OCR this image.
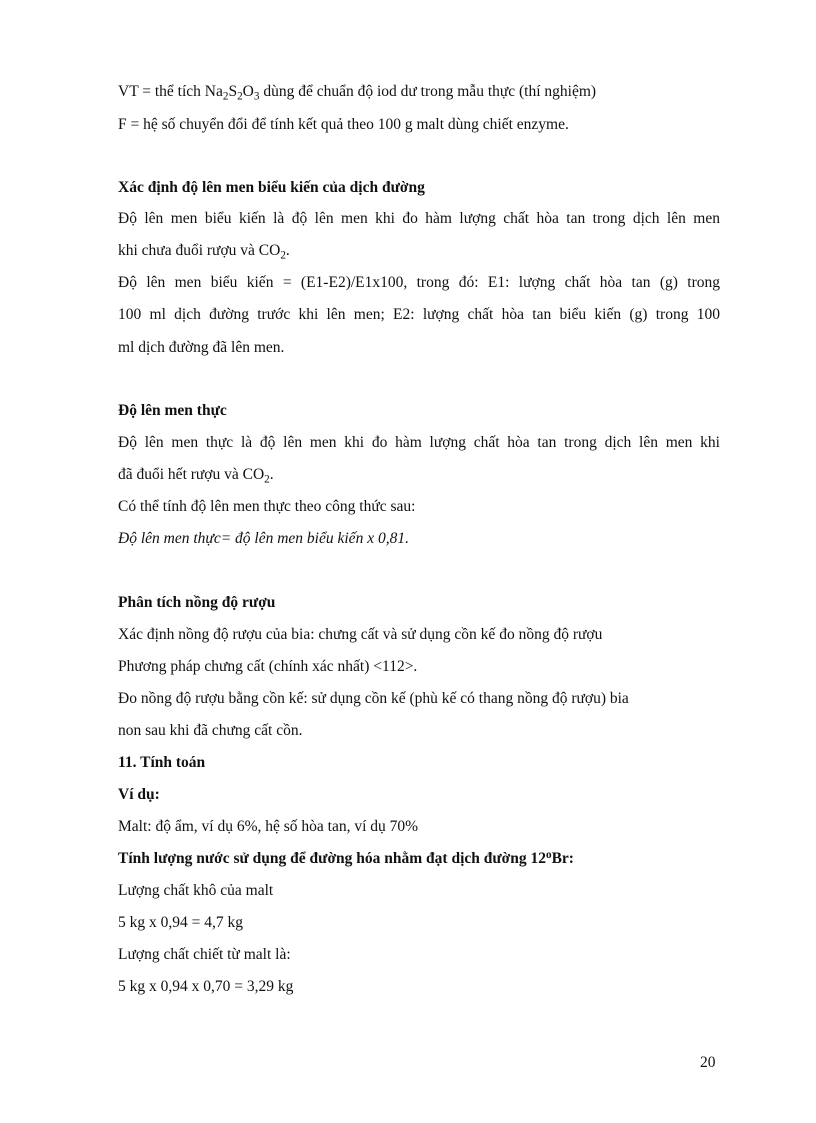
VT = thể tích $Na_2S_2O_3$ dùng để chuẩn độ iod dư trong mẫu thực (thí nghiệm)
F = hệ số chuyển đổi để tính kết quả theo 100 g malt dùng chiết enzyme.
Xác định độ lên men biểu kiến của dịch đường
Độ lên men biểu kiến là độ lên men khi đo hàm lượng chất hòa tan trong dịch lên men
khi chưa đuổi rượu và $CO_2$.
Độ lên men biểu kiến = (E1-E2)/E1x100, trong đó: E1: lượng chất hòa tan (g) trong
100 ml dịch đường trước khi lên men; E2: lượng chất hòa tan biểu kiến (g) trong 100
ml dịch đường đã lên men.
Độ lên men thực
Độ lên men thực là độ lên men khi đo hàm lượng chất hòa tan trong dịch lên men khi
đã đuổi hết rượu và $CO_2$.
Có thể tính độ lên men thực theo công thức sau:
Độ lên men thực= độ lên men biểu kiến x 0,81.
Phân tích nồng độ rượu
Xác định nồng độ rượu của bia: chưng cất và sử dụng cồn kế đo nồng độ rượu
Phương pháp chưng cất (chính xác nhất) <112>.
Đo nồng độ rượu bằng cồn kế: sử dụng cồn kế (phù kế có thang nồng độ rượu) bia
non sau khi đã chưng cất cồn.
11. Tính toán
Ví dụ:
Malt: độ ẩm, ví dụ 6%, hệ số hòa tan, ví dụ 70%
Tính lượng nước sử dụng để đường hóa nhằm đạt dịch đường 12$^o$Br:
Lượng chất khô của malt
5 kg x 0,94 = 4,7 kg
Lượng chất chiết từ malt là:
5 kg x 0,94 x 0,70 = 3,29 kg
20
